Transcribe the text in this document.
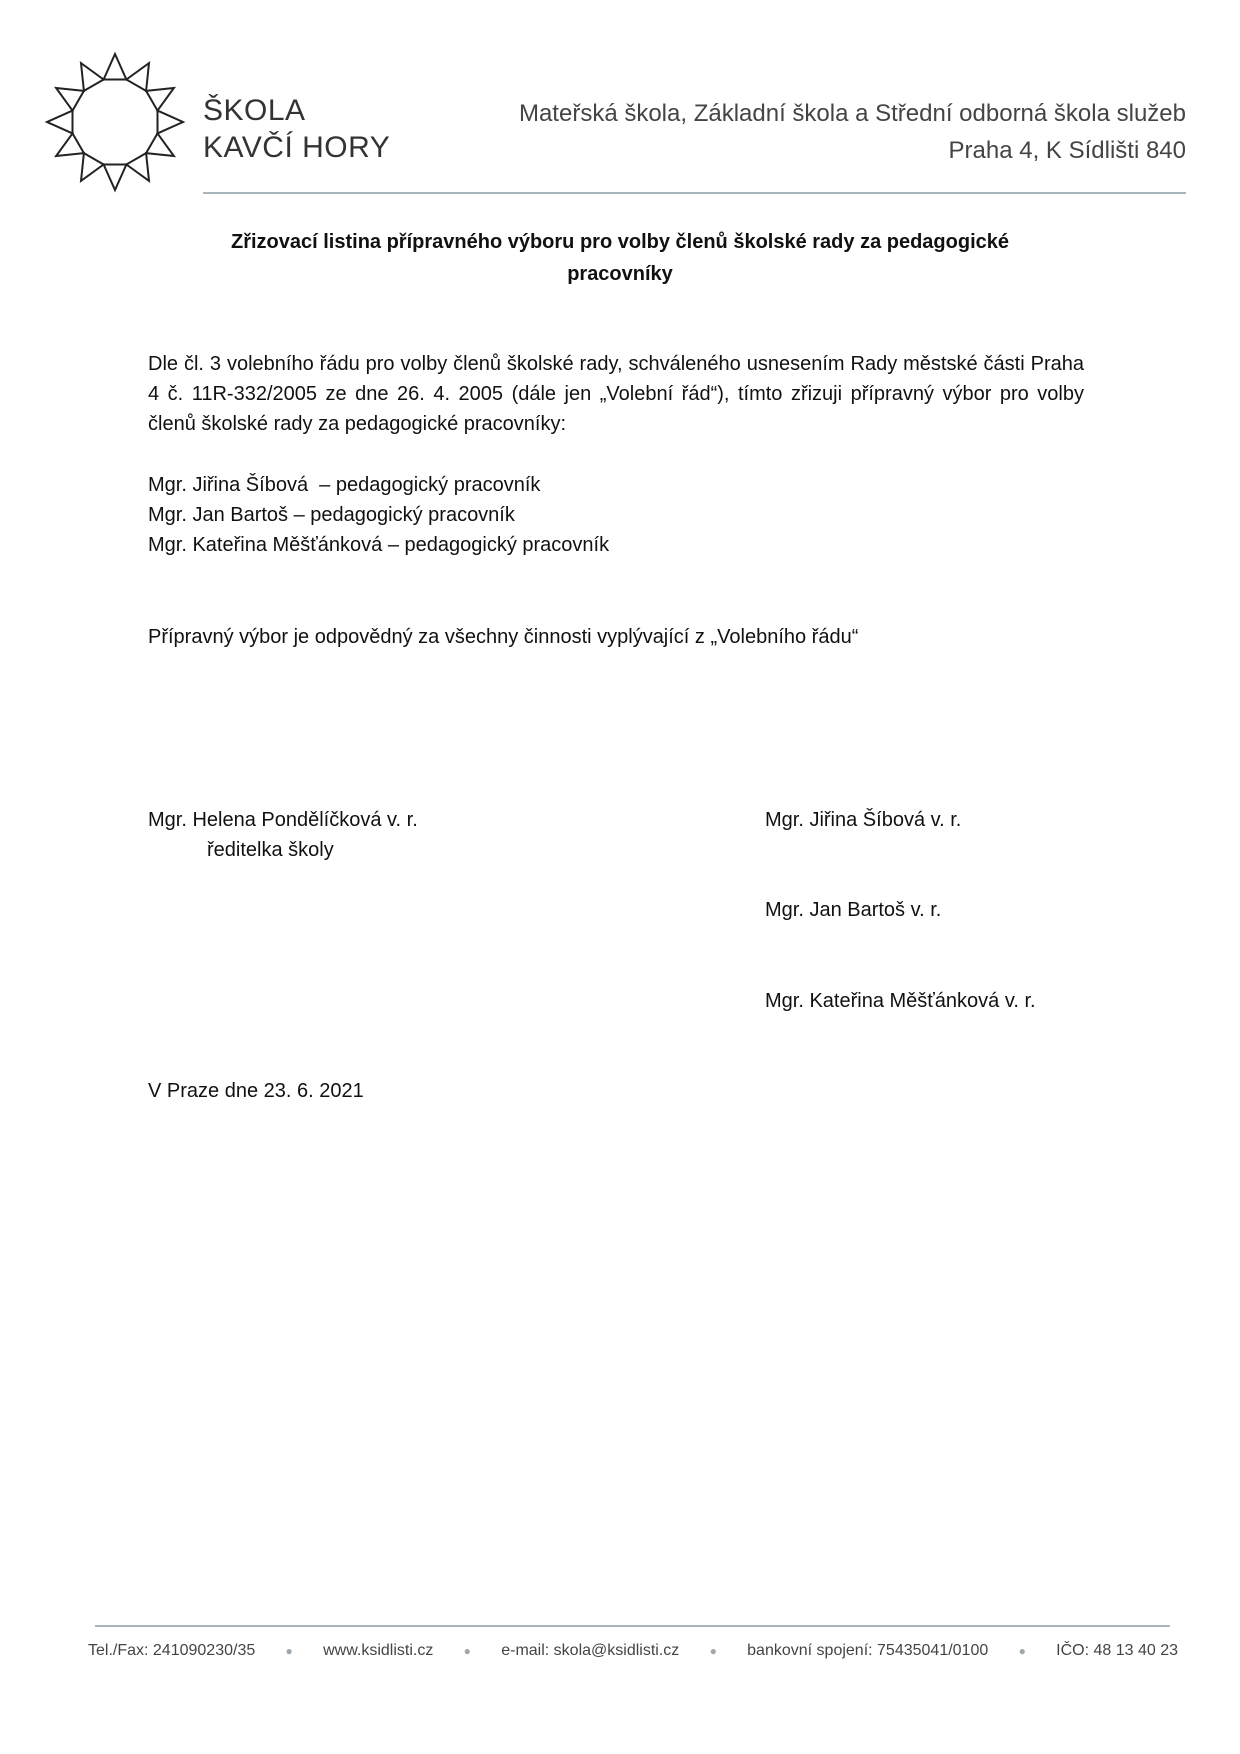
ŠKOLA
KAVČÍ HORY
Mateřská škola, Základní škola a Střední odborná škola služeb
Praha 4, K Sídlišti 840
Zřizovací listina přípravného výboru pro volby členů školské rady za pedagogické
pracovníky
Dle čl. 3 volebního řádu pro volby členů školské rady, schváleného usnesením Rady městské části Praha 4 č. 11R-332/2005 ze dne 26. 4. 2005 (dále jen „Volební řád“), tímto zřizuji přípravný výbor pro volby členů školské rady za pedagogické pracovníky:
Mgr. Jiřina Šíbová  – pedagogický pracovník
Mgr. Jan Bartoš – pedagogický pracovník
Mgr. Kateřina Měšťánková – pedagogický pracovník
Přípravný výbor je odpovědný za všechny činnosti vyplývající z „Volebního řádu“
Mgr. Helena Pondělíčková v. r.
ředitelka školy
Mgr. Jiřina Šíbová v. r.
Mgr. Jan Bartoš v. r.
Mgr. Kateřina Měšťánková v. r.
V Praze dne 23. 6. 2021
Tel./Fax: 241090230/35	● www.ksidlisti.cz	● e-mail: skola@ksidlisti.cz	● bankovní spojení: 75435041/0100	● IČO: 48 13 40 23
